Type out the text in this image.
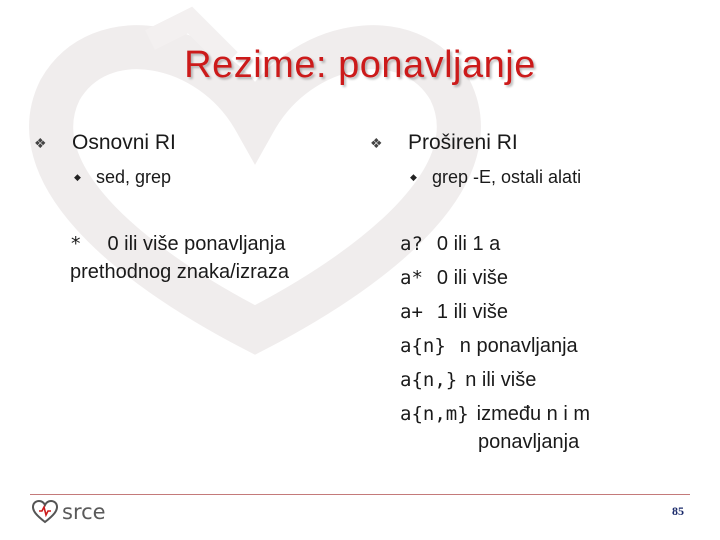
Rezime: ponavljanje
❖	Osnovni RI
◆ sed, grep
* 0 ili više ponavljanja
prethodnog znaka/izraza
❖	Prošireni RI
◆ grep -E, ostali alati
a? 0 ili 1 a
a* 0 ili više
a+ 1 ili više
a{n} n ponavljanja
a{n,} n ili više
a{n,m} između n i m
ponavljanja
srce	85
